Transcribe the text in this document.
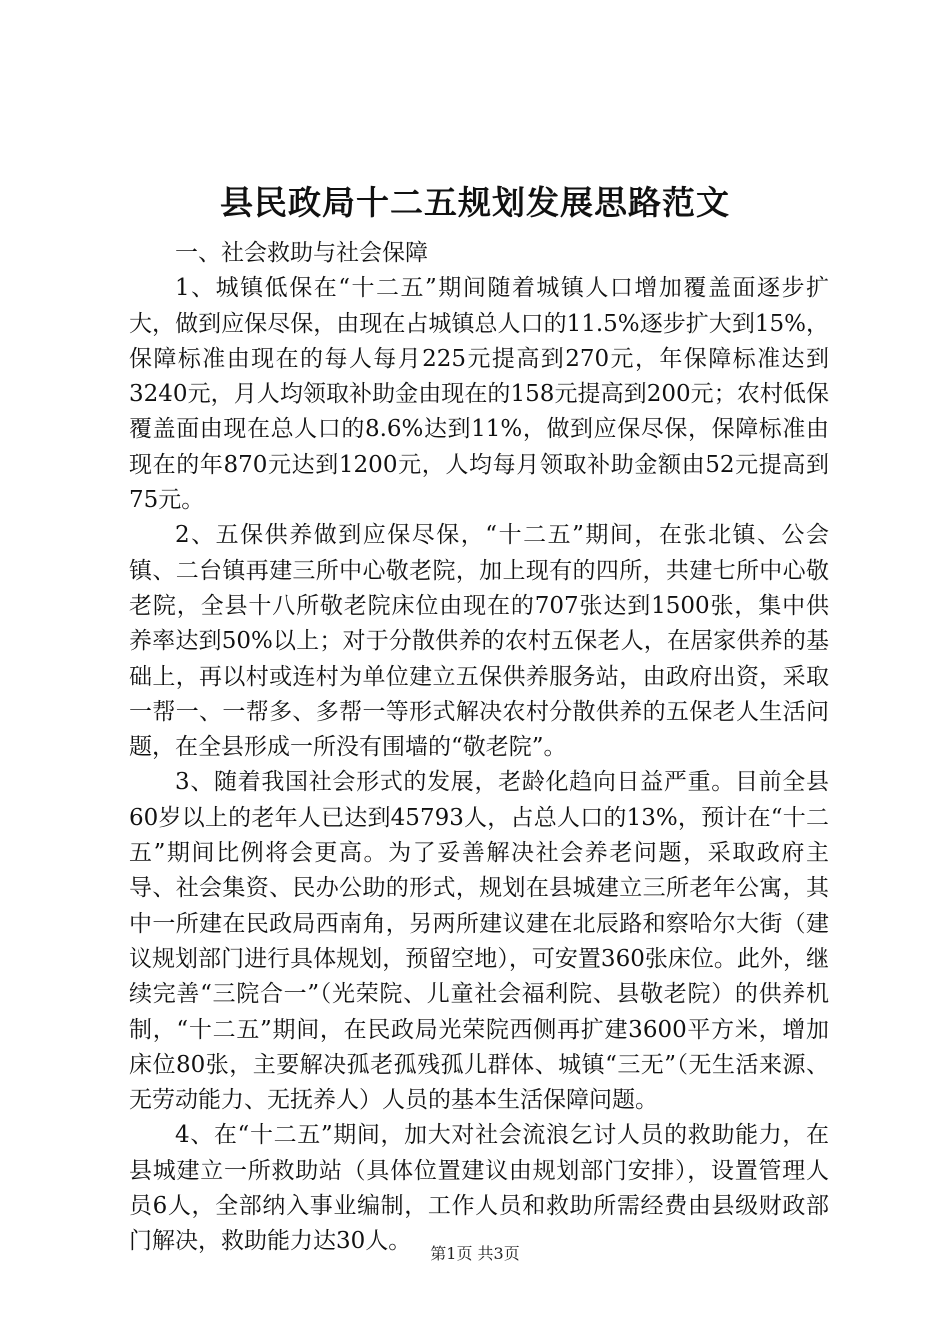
县民政局十二五规划发展思路范文

一、社会救助与社会保障

1、城镇低保在“十二五”期间随着城镇人口增加覆盖面逐步扩大，做到应保尽保，由现在占城镇总人口的11.5%逐步扩大到15%，保障标准由现在的每人每月225元提高到270元，年保障标准达到3240元，月人均领取补助金由现在的158元提高到200元；农村低保覆盖面由现在总人口的8.6%达到11%，做到应保尽保，保障标准由现在的年870元达到1200元，人均每月领取补助金额由52元提高到75元。

2、五保供养做到应保尽保，“十二五”期间，在张北镇、公会镇、二台镇再建三所中心敬老院，加上现有的四所，共建七所中心敬老院，全县十八所敬老院床位由现在的707张达到1500张，集中供养率达到50%以上；对于分散供养的农村五保老人，在居家供养的基础上，再以村或连村为单位建立五保供养服务站，由政府出资，采取一帮一、一帮多、多帮一等形式解决农村分散供养的五保老人生活问题，在全县形成一所没有围墙的“敬老院”。

3、随着我国社会形式的发展，老龄化趋向日益严重。目前全县60岁以上的老年人已达到45793人，占总人口的13%，预计在“十二五”期间比例将会更高。为了妥善解决社会养老问题，采取政府主导、社会集资、民办公助的形式，规划在县城建立三所老年公寓，其中一所建在民政局西南角，另两所建议建在北辰路和察哈尔大街（建议规划部门进行具体规划，预留空地），可安置360张床位。此外，继续完善“三院合一”（光荣院、儿童社会福利院、县敬老院）的供养机制，“十二五”期间，在民政局光荣院西侧再扩建3600平方米，增加床位80张，主要解决孤老孤残孤儿群体、城镇“三无”（无生活来源、无劳动能力、无抚养人）人员的基本生活保障问题。

4、在“十二五”期间，加大对社会流浪乞讨人员的救助能力，在县城建立一所救助站（具体位置建议由规划部门安排），设置管理人员6人，全部纳入事业编制，工作人员和救助所需经费由县级财政部门解决，救助能力达30人。	第1页 共3页
